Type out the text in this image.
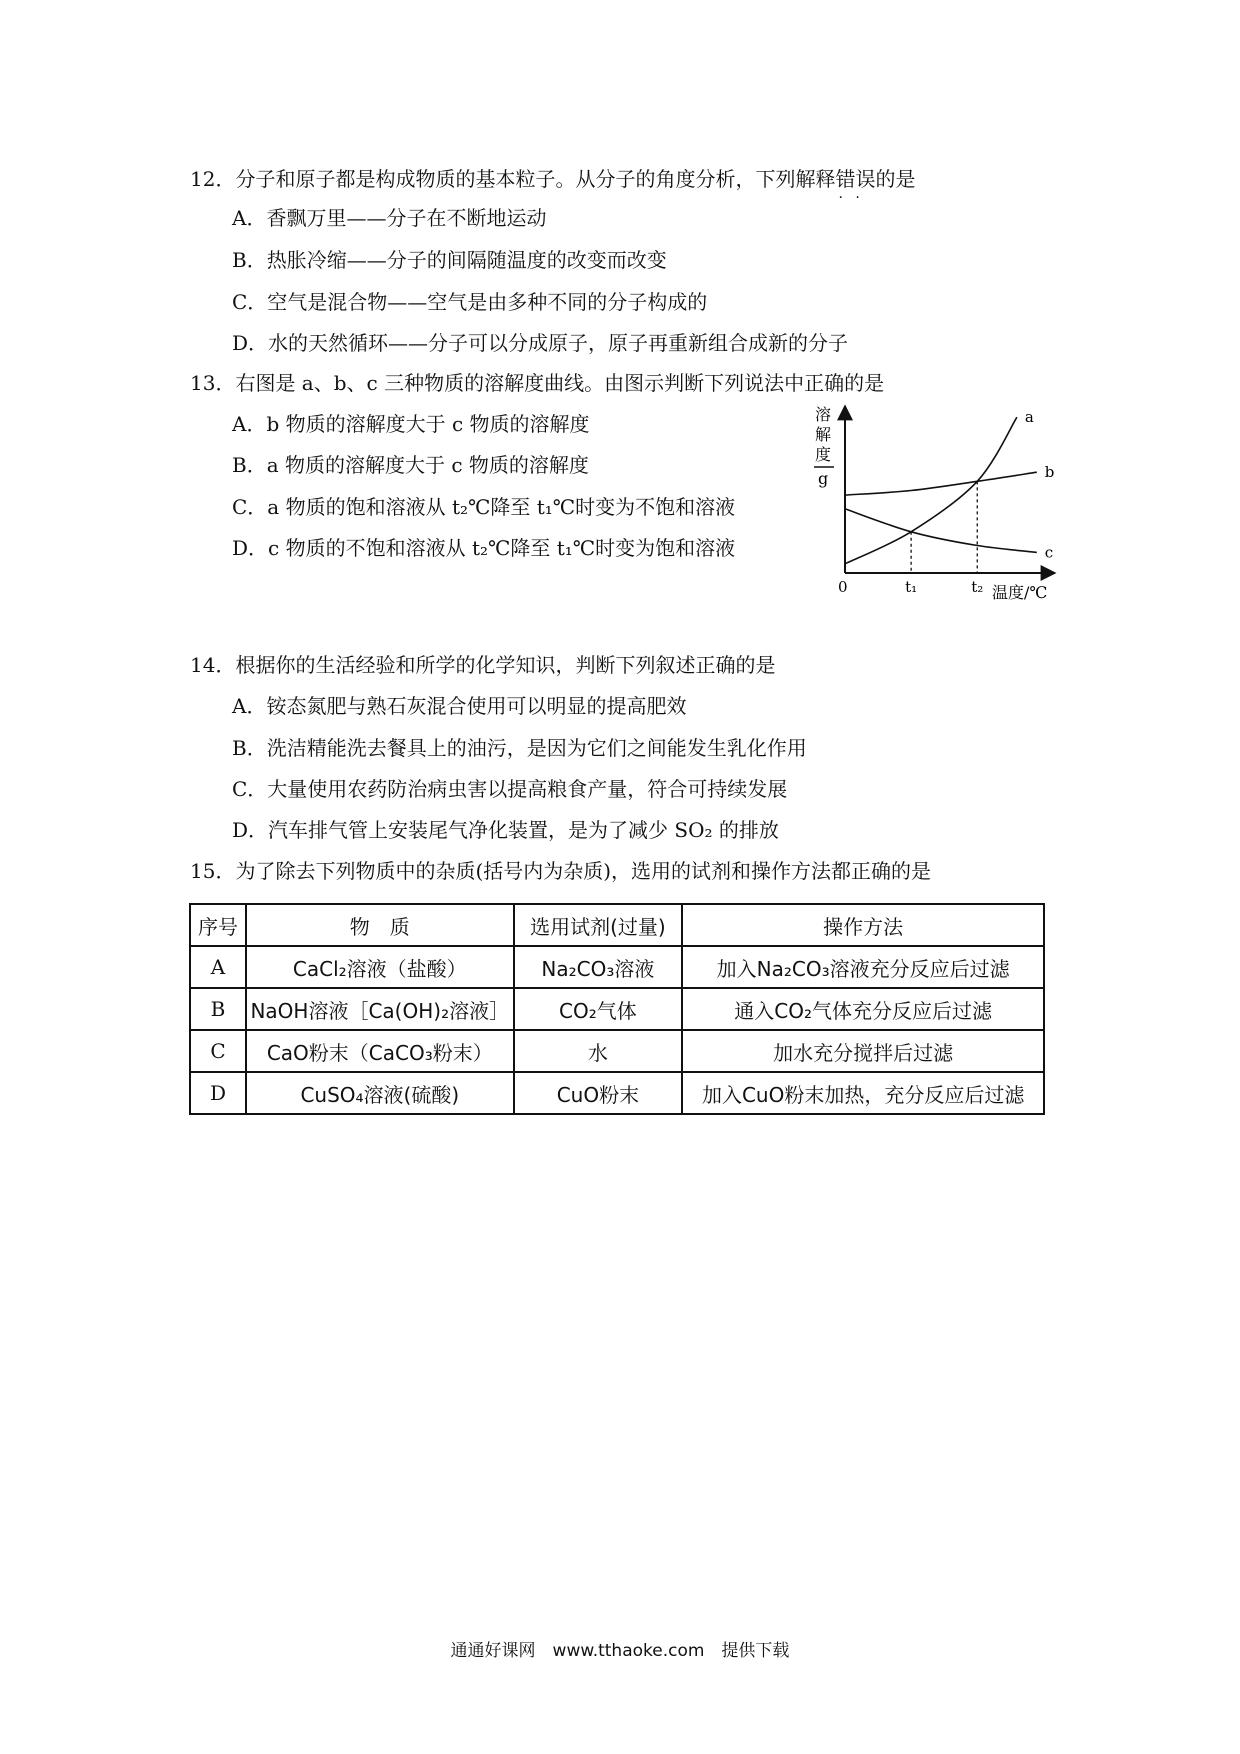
12．分子和原子都是构成物质的基本粒子。从分子的角度分析，下列解释错误 · ·的是
A．香飘万里——分子在不断地运动
B．热胀冷缩——分子的间隔随温度的改变而改变
C．空气是混合物——空气是由多种不同的分子构成的
D．水的天然循环——分子可以分成原子，原子再重新组合成新的分子
13．右图是 a、b、c 三种物质的溶解度曲线。由图示判断下列说法中正确的是
A．b 物质的溶解度大于 c 物质的溶解度
B．a 物质的溶解度大于 c 物质的溶解度
C．a 物质的饱和溶液从 t₂℃降至 t₁℃时变为不饱和溶液
D．c 物质的不饱和溶液从 t₂℃降至 t₁℃时变为饱和溶液
溶
解
度
g
0	温度/℃
t₁	t₂
a
b
c
14．根据你的生活经验和所学的化学知识，判断下列叙述正确的是
A．铵态氮肥与熟石灰混合使用可以明显的提高肥效
B．洗洁精能洗去餐具上的油污，是因为它们之间能发生乳化作用
C．大量使用农药防治病虫害以提高粮食产量，符合可持续发展
D．汽车排气管上安装尾气净化装置，是为了减少 SO₂ 的排放
15．为了除去下列物质中的杂质(括号内为杂质)，选用的试剂和操作方法都正确的是
序号	物　质	选用试剂(过量)	操作方法
A	CaCl₂溶液（盐酸）	Na₂CO₃溶液	加入Na₂CO₃溶液充分反应后过滤
B	NaOH溶液［Ca(OH)₂溶液］	CO₂气体	通入CO₂气体充分反应后过滤
C	CaO粉末（CaCO₃粉末）	水	加水充分搅拌后过滤
D	CuSO₄溶液(硫酸)	CuO粉末	加入CuO粉末加热，充分反应后过滤
通通好课网　www.tthaoke.com　提供下载
